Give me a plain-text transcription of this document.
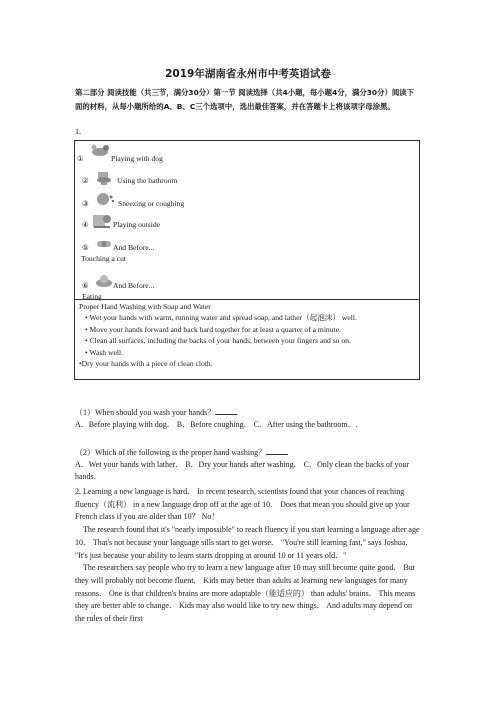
2019年湖南省永州市中考英语试卷
第二部分 阅读技能（共三节，满分30分）第一节 阅读选择（共4小题，每小题4分，满分30分）阅读下面的材料，从每小题所给的A、B、C三个选项中，选出最佳答案，并在答题卡上将该项字母涂黑。
1.
①	Playing with dog
②	Using the bathroom
③	Sneezing or coughing
④	Playing outside
⑤	And Before...
Touching a cut
⑥	And Before...
Eating
Proper Hand Washing with Soap and Water
• Wet your hands with warm, running water and spread soap, and lather（起泡沫） well.
• Move your hands forward and back hard together for at least a quarter of a minute.
• Clean all surfaces, including the backs of your hands, between your fingers and so on.
• Wash well.
•Dry your hands with a piece of clean cloth.
（1）When should you wash your hands？
A．Before playing with dog． B．Before coughing． C．After using the bathroom．.
（2）Which of the following is the proper hand washing？
A．Wet your hands with lather． B．Dry your hands after washing． C．Only clean the backs of your hands．
2. Learning a new language is hard． In recent research, scientists found that your chances of reaching fluency（流利） in a new language drop off at the age of 10． Does that mean you should give up your French class if you are older than 10？ No！
The research found that it's "nearly impossible" to reach fluency if you start learning a language after age 10． That's not because your language sills start to get worse． "You're still learning fast," says Joshua． "It's just because your ability to learn starts dropping at around 10 or 11 years old．"
The researchers say people who try to learn a new language after 10 may still become quite good． But they will probably not become fluent． Kids may better than adults at learning new languages for many reasons． One is that children's brains are more adaptable（能适应的） than adults' brains． This means they are better able to change． Kids may also would like to try new things． And adults may depend on the rules of their first
